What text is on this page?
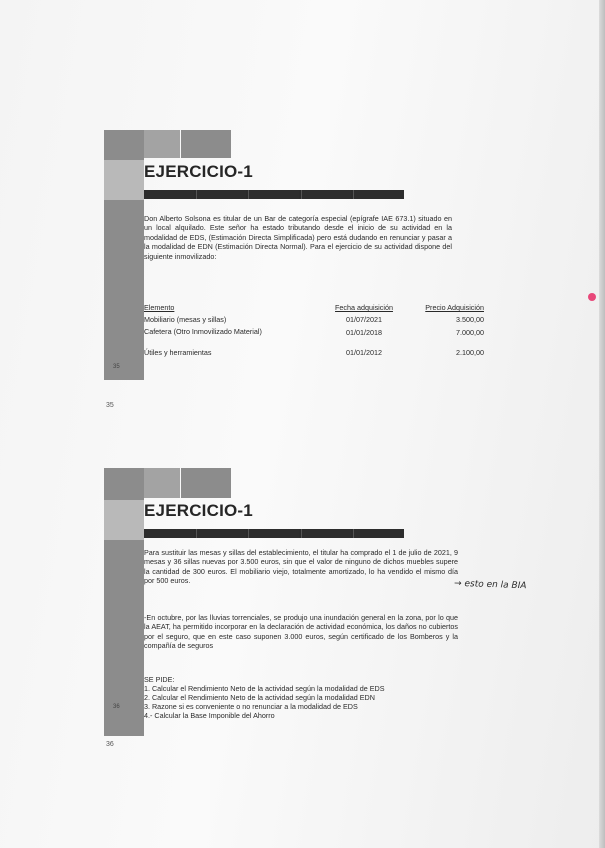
EJERCICIO-1
Don Alberto Solsona es titular de un Bar de categoría especial (epígrafe IAE 673.1) situado en un local alquilado. Este señor ha estado tributando desde el inicio de su actividad en la modalidad de EDS, (Estimación Directa Simplificada) pero está dudando en renunciar y pasar a la modalidad de EDN (Estimación Directa Normal). Para el ejercicio de su actividad dispone del siguiente inmovilizado:
Elemento	Fecha adquisición	Precio Adquisición
Mobiliario (mesas y sillas)	01/07/2021	3.500,00
Cafetera (Otro Inmovilizado Material)	01/01/2018	7.000,00
Útiles y herramientas	01/01/2012	2.100,00
35
35
EJERCICIO-1
Para sustituir las mesas y sillas del establecimiento, el titular ha comprado el 1 de julio de 2021, 9 mesas y 36 sillas nuevas por 3.500 euros, sin que el valor de ninguno de dichos muebles supere la cantidad de 300 euros. El mobiliario viejo, totalmente amortizado, lo ha vendido el mismo día por 500 euros.	→ esto en la BIA
-En octubre, por las lluvias torrenciales, se produjo una inundación general en la zona, por lo que la AEAT, ha permitido incorporar en la declaración de actividad económica, los daños no cubiertos por el seguro, que en este caso suponen 3.000 euros, según certificado de los Bomberos y la compañía de seguros
SE PIDE:
1. Calcular el Rendimiento Neto de la actividad según la modalidad de EDS
2. Calcular el Rendimiento Neto de la actividad según la modalidad EDN
3. Razone si es conveniente o no renunciar a la modalidad de EDS
4.- Calcular la Base Imponible del Ahorro
36
36
